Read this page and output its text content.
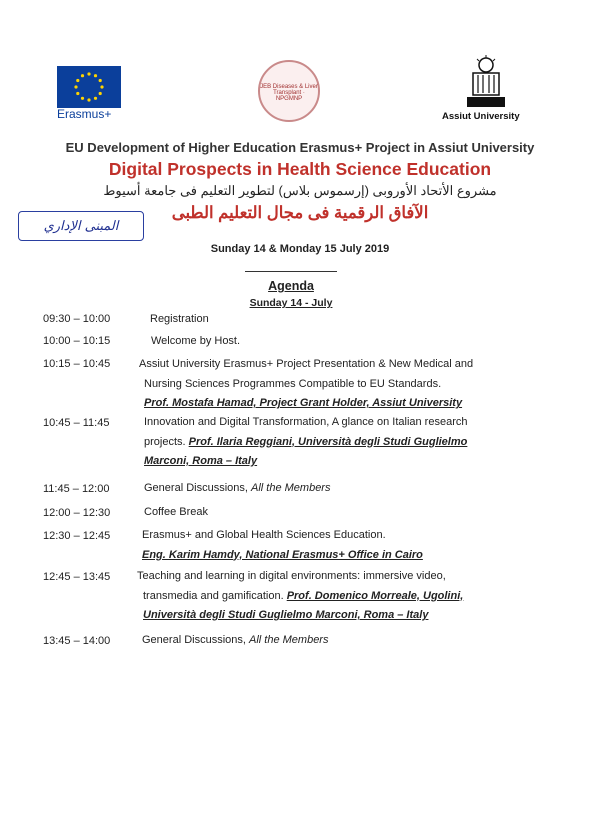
Erasmus+
JEB Diseases & Liver Transplant · NPGMNP
Assiut University
EU Development of Higher Education Erasmus+ Project in Assiut University
Digital Prospects in Health Science Education
مشروع الأتحاد الأوروبى (إرسموس بلاس) لتطوير التعليم فى جامعة أسيوط
الآفاق الرقمية فى مجال التعليم الطبى
المبنى الإداري
Sunday 14 & Monday 15 July 2019
Agenda
Sunday 14 - July
09:30 – 10:00	Registration
10:00 – 10:15	Welcome by Host.
10:15 – 10:45	Assiut University Erasmus+ Project Presentation & New Medical and
Nursing Sciences Programmes Compatible to EU Standards.
Prof. Mostafa Hamad, Project Grant Holder, Assiut University
10:45 – 11:45	Innovation and Digital Transformation, A glance on Italian research
projects. Prof. Ilaria Reggiani, Università degli Studi Guglielmo
Marconi, Roma – Italy
11:45 – 12:00	General Discussions, All the Members
12:00 – 12:30	Coffee Break
12:30 – 12:45	Erasmus+ and Global Health Sciences Education.
Eng. Karim Hamdy, National Erasmus+ Office in Cairo
12:45 – 13:45 Teaching and learning in digital environments: immersive video,
transmedia and gamification. Prof. Domenico Morreale, Ugolini,
Università degli Studi Guglielmo Marconi, Roma – Italy
13:45 – 14:00	General Discussions, All the Members
